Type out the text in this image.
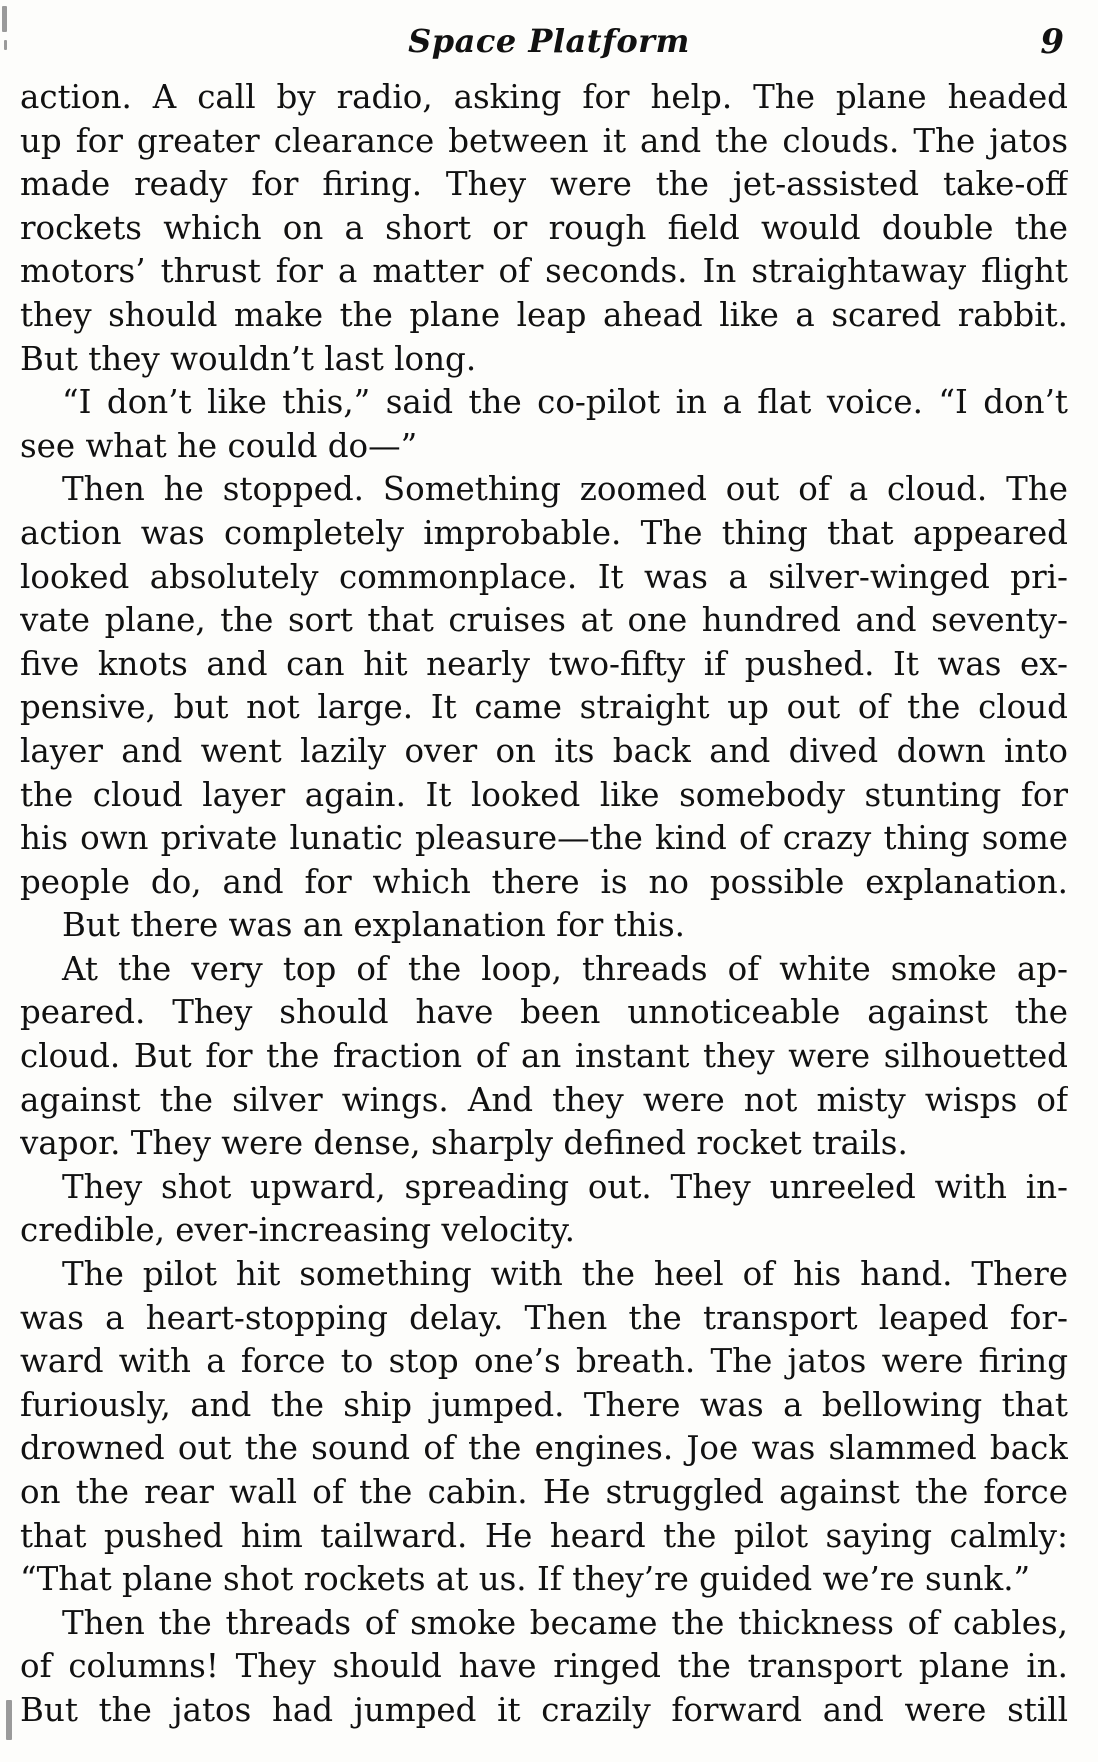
Space Platform	9
action. A call by radio, asking for help. The plane headed
up for greater clearance between it and the clouds. The jatos
made ready for firing. They were the jet-assisted take-off
rockets which on a short or rough field would double the
motors’ thrust for a matter of seconds. In straightaway flight
they should make the plane leap ahead like a scared rabbit.
But they wouldn’t last long.
“I don’t like this,” said the co-pilot in a flat voice. “I don’t
see what he could do—”
Then he stopped. Something zoomed out of a cloud. The
action was completely improbable. The thing that appeared
looked absolutely commonplace. It was a silver-winged pri-
vate plane, the sort that cruises at one hundred and seventy-
five knots and can hit nearly two-fifty if pushed. It was ex-
pensive, but not large. It came straight up out of the cloud
layer and went lazily over on its back and dived down into
the cloud layer again. It looked like somebody stunting for
his own private lunatic pleasure—the kind of crazy thing some
people do, and for which there is no possible explanation.
But there was an explanation for this.
At the very top of the loop, threads of white smoke ap-
peared. They should have been unnoticeable against the
cloud. But for the fraction of an instant they were silhouetted
against the silver wings. And they were not misty wisps of
vapor. They were dense, sharply defined rocket trails.
They shot upward, spreading out. They unreeled with in-
credible, ever-increasing velocity.
The pilot hit something with the heel of his hand. There
was a heart-stopping delay. Then the transport leaped for-
ward with a force to stop one’s breath. The jatos were firing
furiously, and the ship jumped. There was a bellowing that
drowned out the sound of the engines. Joe was slammed back
on the rear wall of the cabin. He struggled against the force
that pushed him tailward. He heard the pilot saying calmly:
“That plane shot rockets at us. If they’re guided we’re sunk.”
Then the threads of smoke became the thickness of cables,
of columns! They should have ringed the transport plane in.
But the jatos had jumped it crazily forward and were still
